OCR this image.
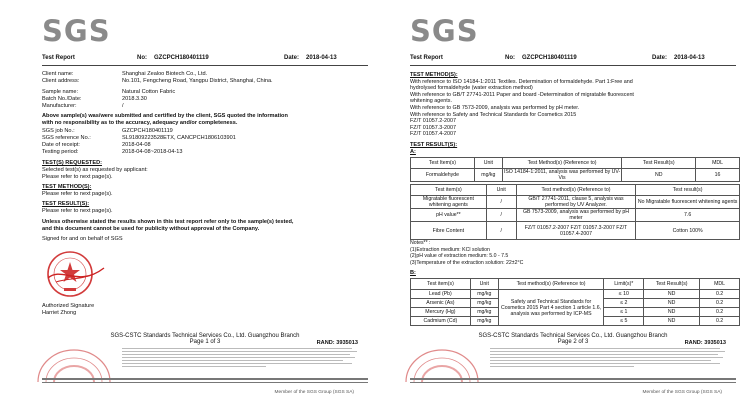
SGS
Test Report	No: GZCPCH180401119	Date: 2018-04-13
Client name:	Shanghai Zealoo Biotech Co., Ltd.
Client address:	No.101, Fengcheng Road, Yangpu District, Shanghai, China.
Sample name:	Natural Cotton Fabric
Batch No./Date:	2018.3.30
Manufacturer:	/
Above sample(s) was/were submitted and certified by the client, SGS quoted the information
with no responsibility as to the accuracy, adequacy and/or completeness.
SGS job No.:	GZCPCH180401119
SGS reference No.:	SL91809223528ETX, CANCPCH1806103901
Date of receipt:	2018-04-08
Testing period:	2018-04-08~2018-04-13
TEST(S) REQUESTED:
Selected test(s) as requested by applicant:
Please refer to next page(s).
TEST METHOD(S):
Please refer to next page(s).
TEST RESULT(S):
Please refer to next page(s).
Unless otherwise stated the results shown in this test report refer only to the sample(s) tested,
and this document cannot be used for publicity without approval of the Company.
Signed for and on behalf of SGS
Authorized Signature
Harriet Zhong
SGS-CSTC Standards Technical Services Co., Ltd. Guangzhou Branch
Page 1 of 3	RAND: 3935013
Member of the SGS Group (SGS SA)
SGS
Test Report	No: GZCPCH180401119	Date: 2018-04-13
TEST METHOD(S):
With reference to ISO 14184-1:2011 Textiles. Determination of formaldehyde. Part 1:Free and
hydrolysed formaldehyde (water extraction method)
With reference to GB/T 27741-2011 Paper and board -Determination of migratable fluorescent
whitening agents.
With reference to GB 7573-2009, analysis was performed by pH meter.
With reference to Safety and Technical Standards for Cosmetics 2015
FZ/T 01057.2-2007
FZ/T 01057.3-2007
FZ/T 01057.4-2007
TEST RESULT(S):
A:
Test Item(s)	Unit	Test Method(s) (Reference to)	Test Result(s)	MDL
Formaldehyde	mg/kg	ISO 14184-1:2011, analysis was performed by UV-Vis	ND	16
Test item(s)	Unit	Test method(s) (Reference to)	Test result(s)
Migratable fluorescent whitening agents	/	GB/T 27741-2011, clause 5, analysis was performed by UV Analyzer.	No Migratable fluorescent whitening agents
pH value**	/	GB 7573-2009, analysis was performed by pH meter	7.6
Fibre Content	/	FZ/T 01057.2-2007 FZ/T 01057.3-2007 FZ/T 01057.4-2007	Cotton 100%
Notes** :
(1)Extraction medium: KCl solution
(2)pH value of extraction medium: 5.0 - 7.5
(3)Temperature of the extraction solution: 22±2°C
B:
Test item(s)	Unit	Test method(s) (Reference to)	Limit(s)*	Test Result(s)	MDL
Lead (Pb)	mg/kg	Safety and Technical Standards for Cosmetics 2015 Part 4 section 1 article 1.6, analysis was performed by ICP-MS	≤ 10	ND	0.2
Arsenic (As)	mg/kg		≤ 2	ND	0.2
Mercury (Hg)	mg/kg		≤ 1	ND	0.2
Cadmium (Cd)	mg/kg		≤ 5	ND	0.2
SGS-CSTC Standards Technical Services Co., Ltd. Guangzhou Branch
Page 2 of 3	RAND: 3935013
Member of the SGS Group (SGS SA)
